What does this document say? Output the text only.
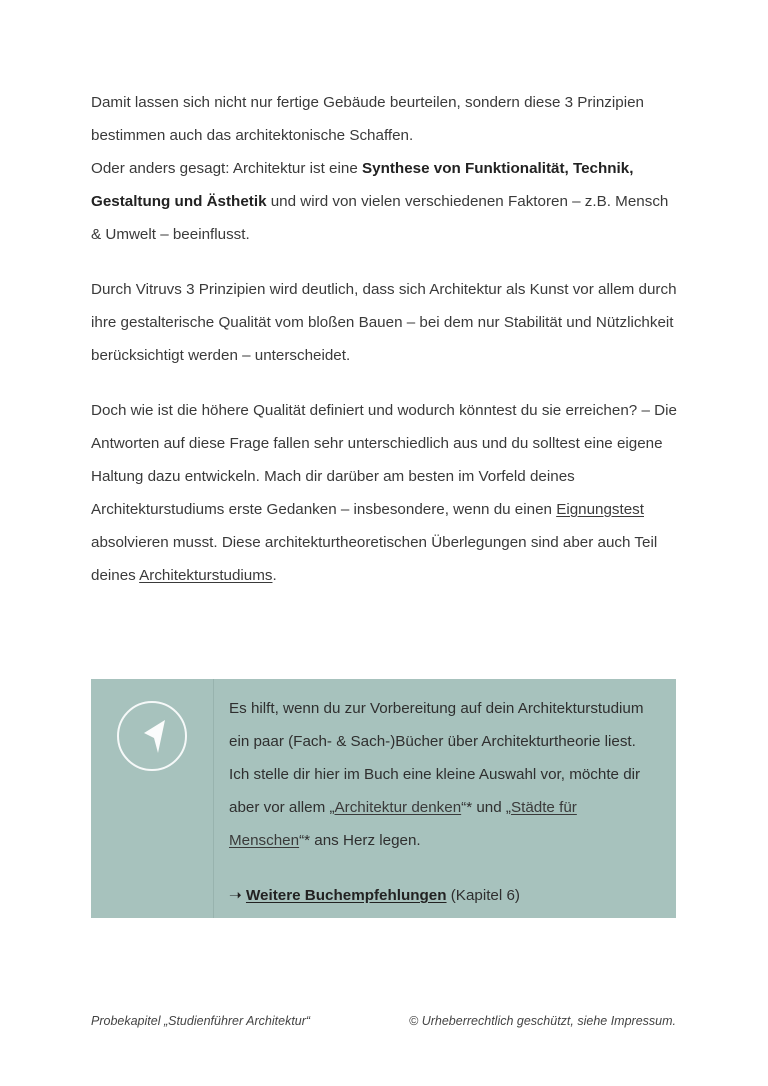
Damit lassen sich nicht nur fertige Gebäude beurteilen, sondern diese 3 Prinzipien bestimmen auch das architektonische Schaffen.
Oder anders gesagt: Architektur ist eine Synthese von Funktionalität, Technik, Gestaltung und Ästhetik und wird von vielen verschiedenen Faktoren – z.B. Mensch & Umwelt – beeinflusst.

Durch Vitruvs 3 Prinzipien wird deutlich, dass sich Architektur als Kunst vor allem durch ihre gestalterische Qualität vom bloßen Bauen – bei dem nur Stabilität und Nützlichkeit berücksichtigt werden – unterscheidet.

Doch wie ist die höhere Qualität definiert und wodurch könntest du sie erreichen? – Die Antworten auf diese Frage fallen sehr unterschiedlich aus und du solltest eine eigene Haltung dazu entwickeln. Mach dir darüber am besten im Vorfeld deines Architekturstudiums erste Gedanken – insbesondere, wenn du einen Eignungstest absolvieren musst. Diese architekturtheoretischen Überlegungen sind aber auch Teil deines Architekturstudiums.

Es hilft, wenn du zur Vorbereitung auf dein Architekturstudium ein paar (Fach- & Sach-)Bücher über Architekturtheorie liest. Ich stelle dir hier im Buch eine kleine Auswahl vor, möchte dir aber vor allem „Architektur denken“* und „Städte für Menschen“* ans Herz legen.

➝ Weitere Buchempfehlungen (Kapitel 6)

Probekapitel „Studienführer Architektur“	© Urheberrechtlich geschützt, siehe Impressum.
